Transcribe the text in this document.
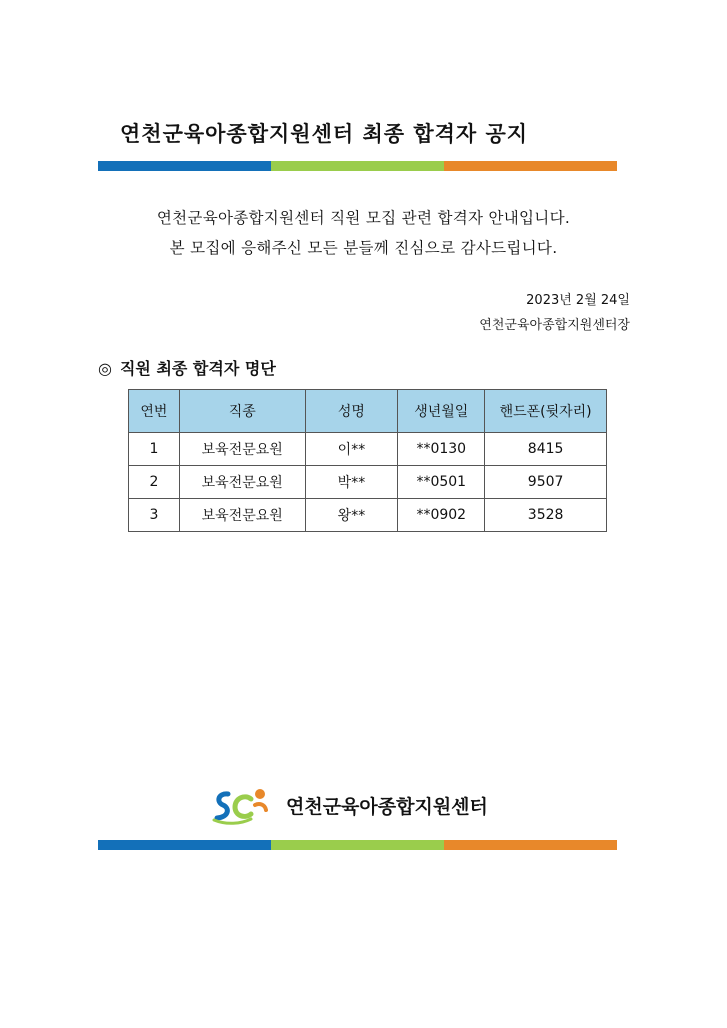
연천군육아종합지원센터 최종 합격자 공지
연천군육아종합지원센터 직원 모집 관련 합격자 안내입니다.
본 모집에 응해주신 모든 분들께 진심으로 감사드립니다.
2023년 2월 24일
연천군육아종합지원센터장
◎ 직원 최종 합격자 명단
연번	직종	성명	생년월일	핸드폰(뒷자리)
1	보육전문요원	이**	**0130	8415
2	보육전문요원	박**	**0501	9507
3	보육전문요원	왕**	**0902	3528
연천군육아종합지원센터
